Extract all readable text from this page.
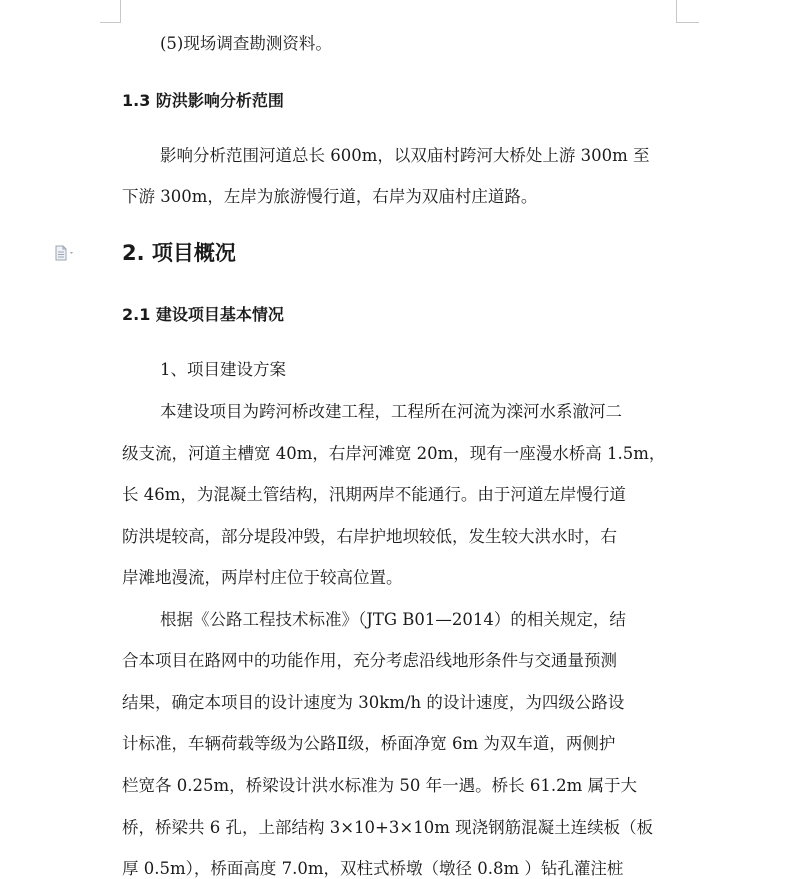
(5)现场调查勘测资料。
1.3 防洪影响分析范围
影响分析范围河道总长 600m，以双庙村跨河大桥处上游 300m 至
下游 300m，左岸为旅游慢行道，右岸为双庙村庄道路。
2. 项目概况
2.1 建设项目基本情况
1、项目建设方案
本建设项目为跨河桥改建工程，工程所在河流为滦河水系澈河二
级支流，河道主槽宽 40m，右岸河滩宽 20m，现有一座漫水桥高 1.5m，
长 46m，为混凝土管结构，汛期两岸不能通行。由于河道左岸慢行道
防洪堤较高，部分堤段冲毁，右岸护地坝较低，发生较大洪水时，右
岸滩地漫流，两岸村庄位于较高位置。
根据《公路工程技术标准》（JTG B01—2014）的相关规定，结
合本项目在路网中的功能作用，充分考虑沿线地形条件与交通量预测
结果，确定本项目的设计速度为 30km/h 的设计速度，为四级公路设
计标准，车辆荷载等级为公路Ⅱ级，桥面净宽 6m 为双车道，两侧护
栏宽各 0.25m，桥梁设计洪水标准为 50 年一遇。桥长 61.2m 属于大
桥，桥梁共 6 孔，上部结构 3×10+3×10m 现浇钢筋混凝土连续板（板
厚 0.5m），桥面高度 7.0m，双柱式桥墩（墩径 0.8m ）钻孔灌注桩
